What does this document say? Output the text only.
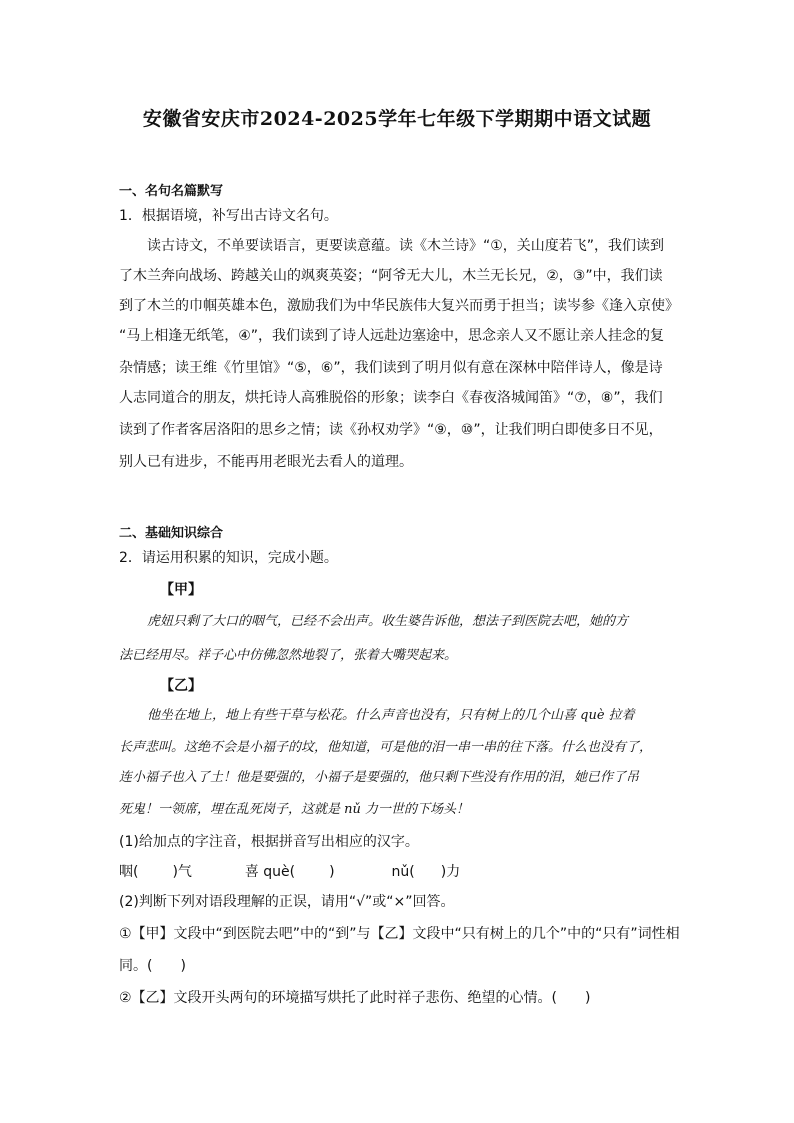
安徽省安庆市2024-2025学年七年级下学期期中语文试题
一、名句名篇默写
1．根据语境，补写出古诗文名句。
读古诗文，不单要读语言，更要读意蕴。读《木兰诗》“①，关山度若飞”，我们读到
了木兰奔向战场、跨越关山的飒爽英姿；“阿爷无大儿，木兰无长兄，②，③”中，我们读
到了木兰的巾帼英雄本色，激励我们为中华民族伟大复兴而勇于担当；读岑参《逢入京使》
“马上相逢无纸笔，④”，我们读到了诗人远赴边塞途中，思念亲人又不愿让亲人挂念的复
杂情感；读王维《竹里馆》“⑤，⑥”，我们读到了明月似有意在深林中陪伴诗人，像是诗
人志同道合的朋友，烘托诗人高雅脱俗的形象；读李白《春夜洛城闻笛》“⑦，⑧”，我们
读到了作者客居洛阳的思乡之情；读《孙权劝学》“⑨，⑩”，让我们明白即使多日不见，
别人已有进步，不能再用老眼光去看人的道理。
二、基础知识综合
2．请运用积累的知识，完成小题。
【甲】
虎妞只剩了大口的咽气，已经不会出声。收生婆告诉他，想法子到医院去吧，她的方
法已经用尽。祥子心中仿佛忽然地裂了，张着大嘴哭起来。
【乙】
他坐在地上，地上有些干草与松花。什么声音也没有，只有树上的几个山喜 què 拉着
长声悲叫。这绝不会是小福子的坟，他知道，可是他的泪一串一串的往下落。什么也没有了，
连小福子也入了土！他是要强的，小福子是要强的，他只剩下些没有作用的泪，她已作了吊
死鬼！一领席，埋在乱死岗子，这就是 nǔ 力一世的下场头！
(1)给加点的字注音，根据拼音写出相应的汉字。
咽( )气	喜 què( )	nǔ( )力
(2)判断下列对语段理解的正误，请用“√”或“×”回答。
①【甲】文段中“到医院去吧”中的“到”与【乙】文段中“只有树上的几个”中的“只有”词性相
同。(　　)
②【乙】文段开头两句的环境描写烘托了此时祥子悲伤、绝望的心情。(　　)
